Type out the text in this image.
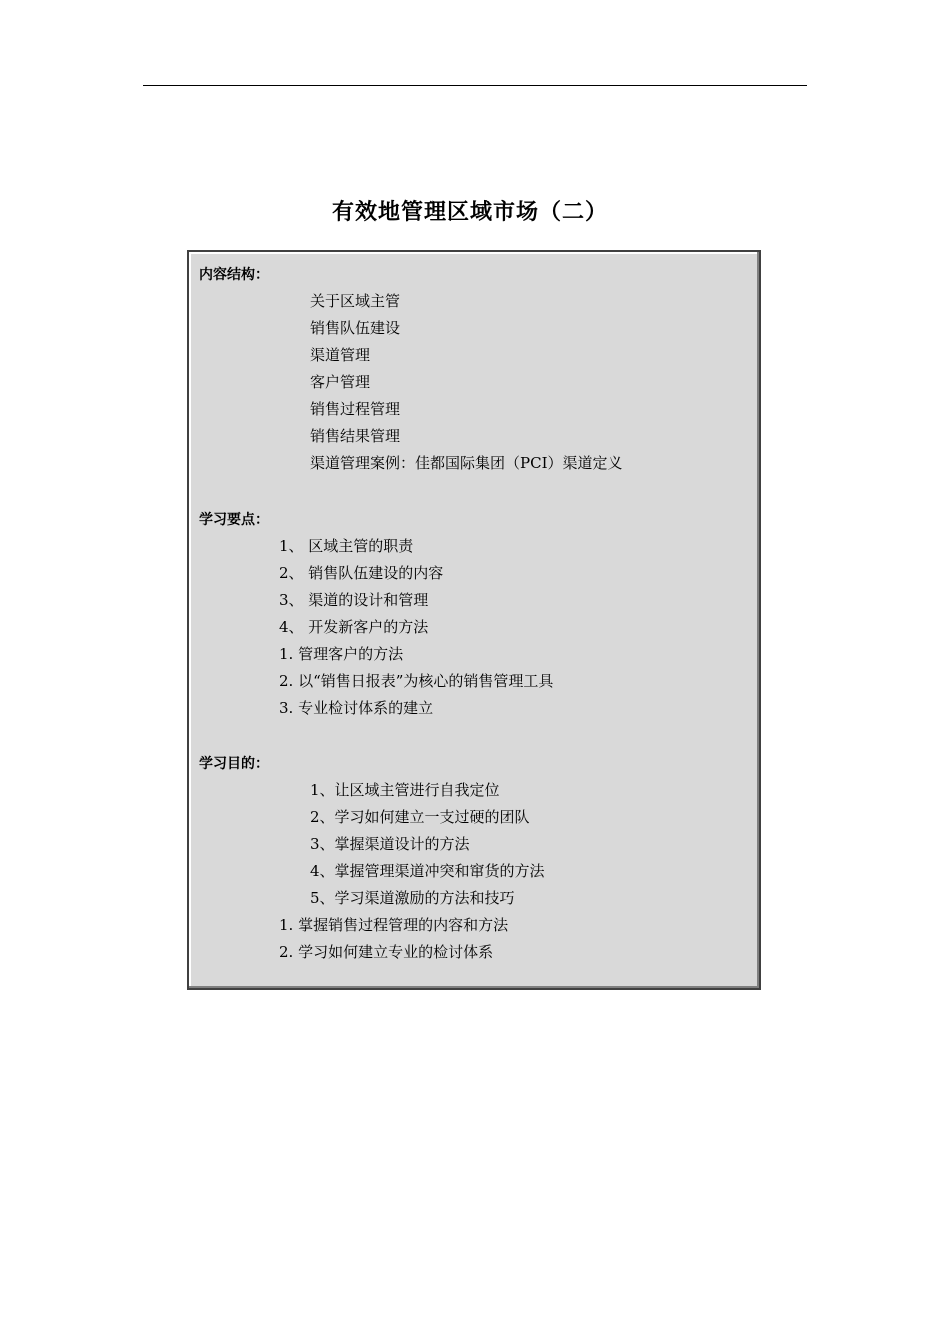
有效地管理区域市场（二）
内容结构：
关于区域主管
销售队伍建设
渠道管理
客户管理
销售过程管理
销售结果管理
渠道管理案例：佳都国际集团（PCI）渠道定义
学习要点：
1、 区域主管的职责
2、 销售队伍建设的内容
3、 渠道的设计和管理
4、 开发新客户的方法
1. 管理客户的方法
2. 以“销售日报表”为核心的销售管理工具
3. 专业检讨体系的建立
学习目的：
1、让区域主管进行自我定位
2、学习如何建立一支过硬的团队
3、掌握渠道设计的方法
4、掌握管理渠道冲突和窜货的方法
5、学习渠道激励的方法和技巧
1. 掌握销售过程管理的内容和方法
2. 学习如何建立专业的检讨体系
